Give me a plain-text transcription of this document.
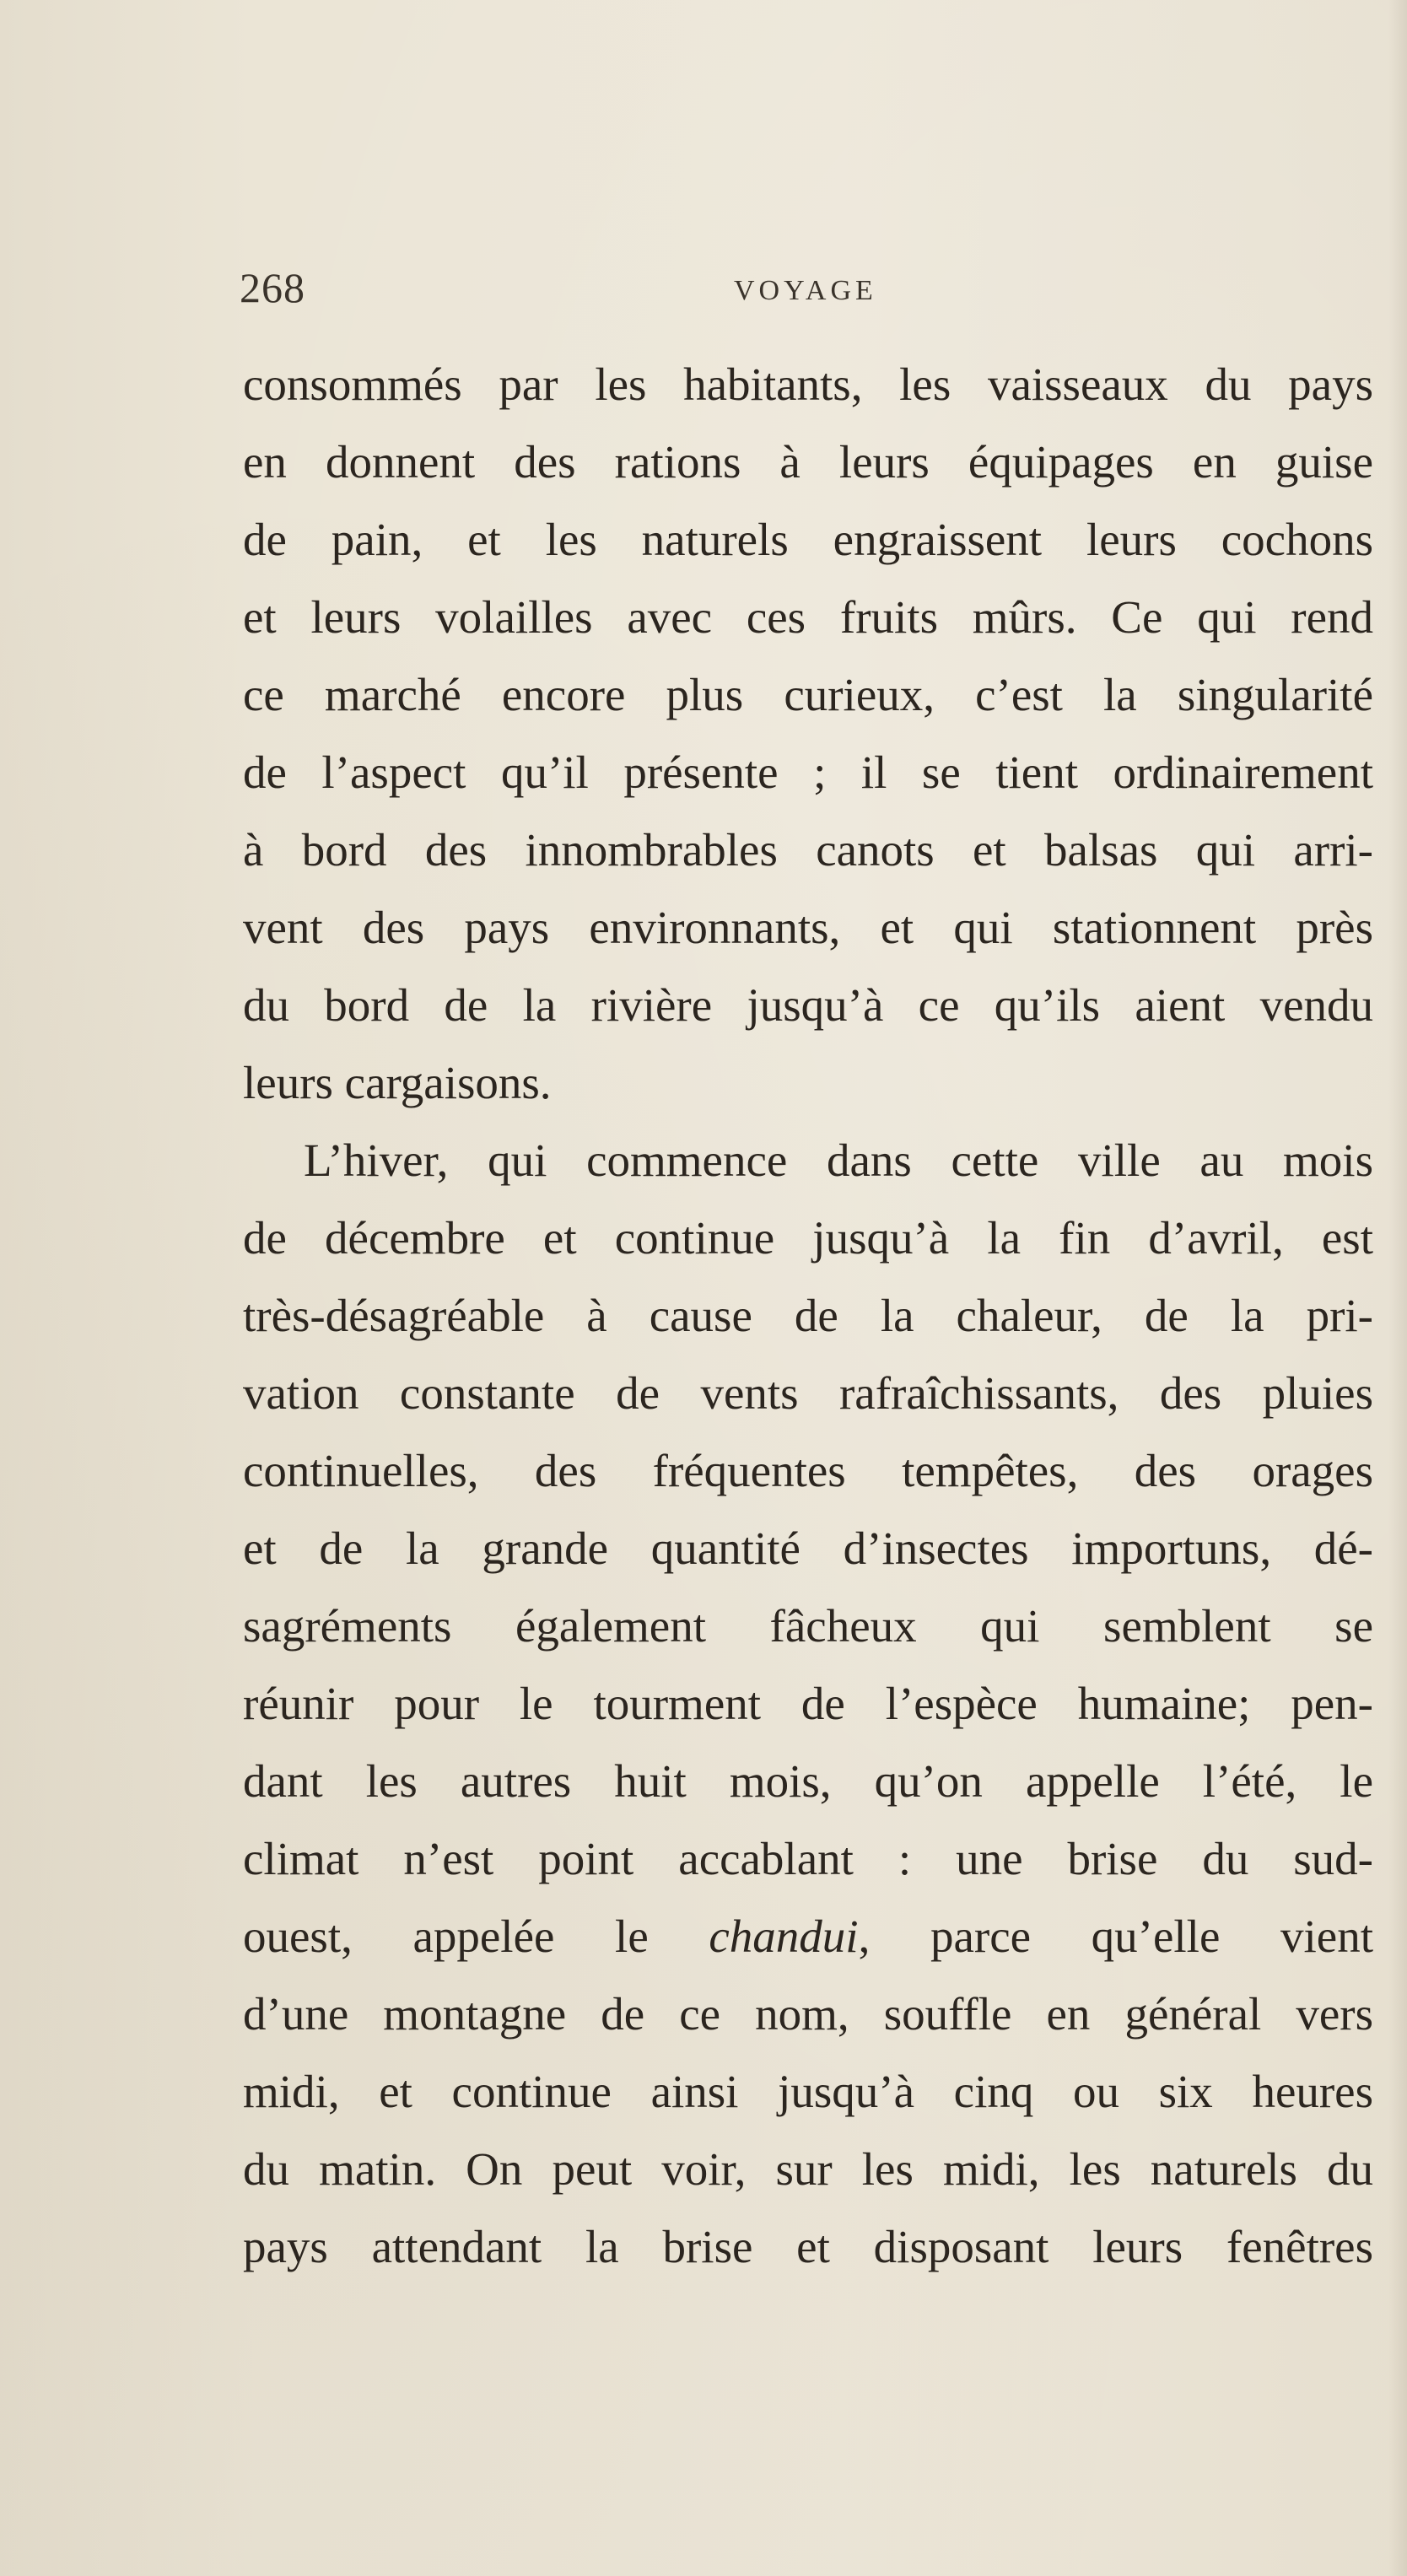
268	VOYAGE
consommés par les habitants, les vaisseaux du pays
en donnent des rations à leurs équipages en guise
de pain, et les naturels engraissent leurs cochons
et leurs volailles avec ces fruits mûrs. Ce qui rend
ce marché encore plus curieux, c’est la singularité
de l’aspect qu’il présente ; il se tient ordinairement
à bord des innombrables canots et balsas qui arri-
vent des pays environnants, et qui stationnent près
du bord de la rivière jusqu’à ce qu’ils aient vendu
leurs cargaisons.
L’hiver, qui commence dans cette ville au mois
de décembre et continue jusqu’à la fin d’avril, est
très-désagréable à cause de la chaleur, de la pri-
vation constante de vents rafraîchissants, des pluies
continuelles, des fréquentes tempêtes, des orages
et de la grande quantité d’insectes importuns, dé-
sagréments également fâcheux qui semblent se
réunir pour le tourment de l’espèce humaine; pen-
dant les autres huit mois, qu’on appelle l’été, le
climat n’est point accablant : une brise du sud-
ouest, appelée le chandui, parce qu’elle vient
d’une montagne de ce nom, souffle en général vers
midi, et continue ainsi jusqu’à cinq ou six heures
du matin. On peut voir, sur les midi, les naturels du
pays attendant la brise et disposant leurs fenêtres
